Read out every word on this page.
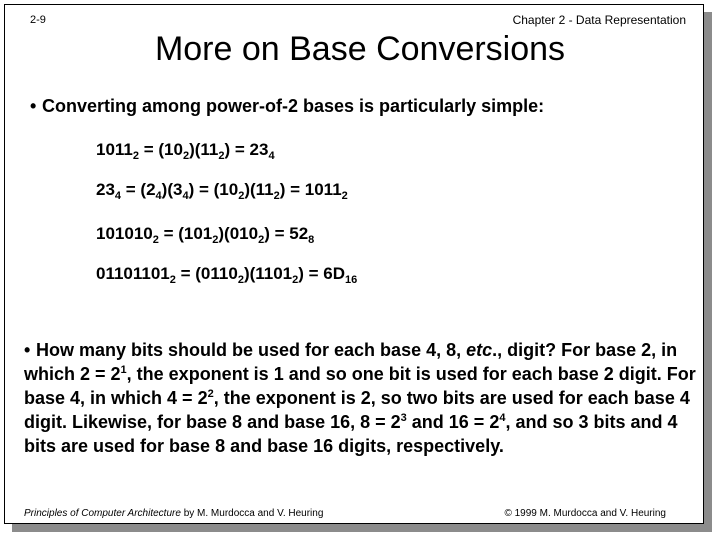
2-9	Chapter 2 - Data Representation
More on Base Conversions
• Converting among power-of-2 bases is particularly simple:
$1011_2 = (10_2)(11_2) = 23_4$
$23_4 = (2_4)(3_4) = (10_2)(11_2) = 1011_2$
$101010_2 = (101_2)(010_2) = 52_8$
$01101101_2 = (0110_2)(1101_2) = 6D_{16}$
• How many bits should be used for each base 4, 8, etc., digit? For base 2, in which $2 = 2^1$, the exponent is 1 and so one bit is used for each base 2 digit. For base 4, in which $4 = 2^2$, the exponent is 2, so two bits are used for each base 4 digit. Likewise, for base 8 and base 16, $8 = 2^3$ and $16 = 2^4$, and so 3 bits and 4 bits are used for base 8 and base 16 digits, respectively.
Principles of Computer Architecture by M. Murdocca and V. Heuring	© 1999 M. Murdocca and V. Heuring
